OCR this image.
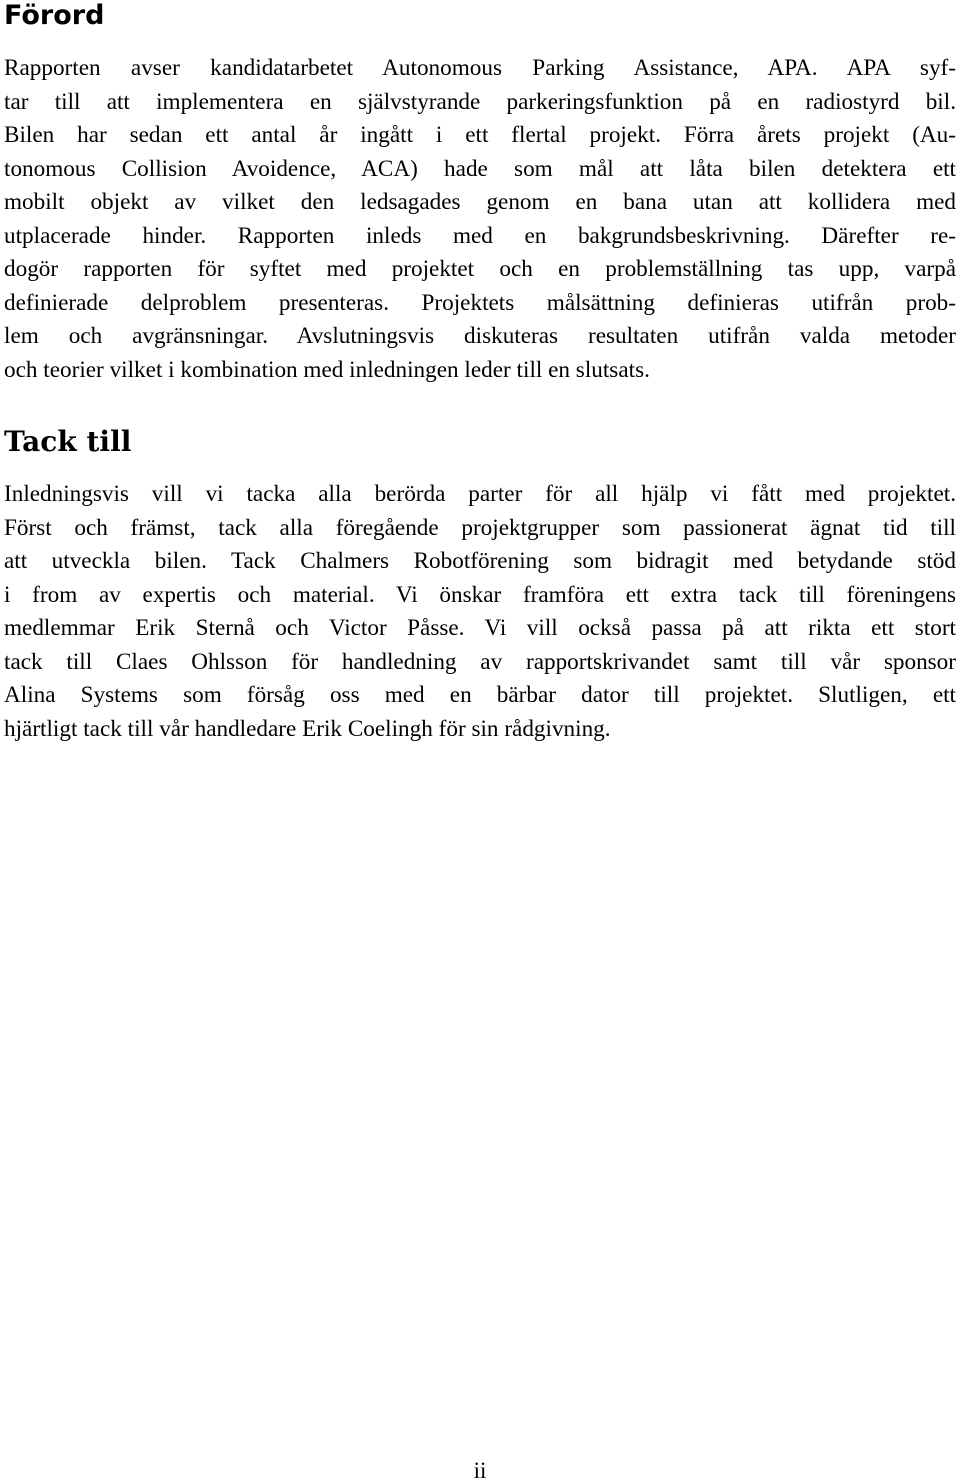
Förord
Rapporten avser kandidatarbetet Autonomous Parking Assistance, APA. APA syf-
tar till att implementera en självstyrande parkeringsfunktion på en radiostyrd bil.
Bilen har sedan ett antal år ingått i ett flertal projekt. Förra årets projekt (Au-
tonomous Collision Avoidence, ACA) hade som mål att låta bilen detektera ett
mobilt objekt av vilket den ledsagades genom en bana utan att kollidera med
utplacerade hinder. Rapporten inleds med en bakgrundsbeskrivning. Därefter re-
dogör rapporten för syftet med projektet och en problemställning tas upp, varpå
definierade delproblem presenteras. Projektets målsättning definieras utifrån prob-
lem och avgränsningar. Avslutningsvis diskuteras resultaten utifrån valda metoder
och teorier vilket i kombination med inledningen leder till en slutsats.
Tack till
Inledningsvis vill vi tacka alla berörda parter för all hjälp vi fått med projektet.
Först och främst, tack alla föregående projektgrupper som passionerat ägnat tid till
att utveckla bilen. Tack Chalmers Robotförening som bidragit med betydande stöd
i from av expertis och material. Vi önskar framföra ett extra tack till föreningens
medlemmar Erik Sternå och Victor Påsse. Vi vill också passa på att rikta ett stort
tack till Claes Ohlsson för handledning av rapportskrivandet samt till vår sponsor
Alina Systems som försåg oss med en bärbar dator till projektet. Slutligen, ett
hjärtligt tack till vår handledare Erik Coelingh för sin rådgivning.
ii
